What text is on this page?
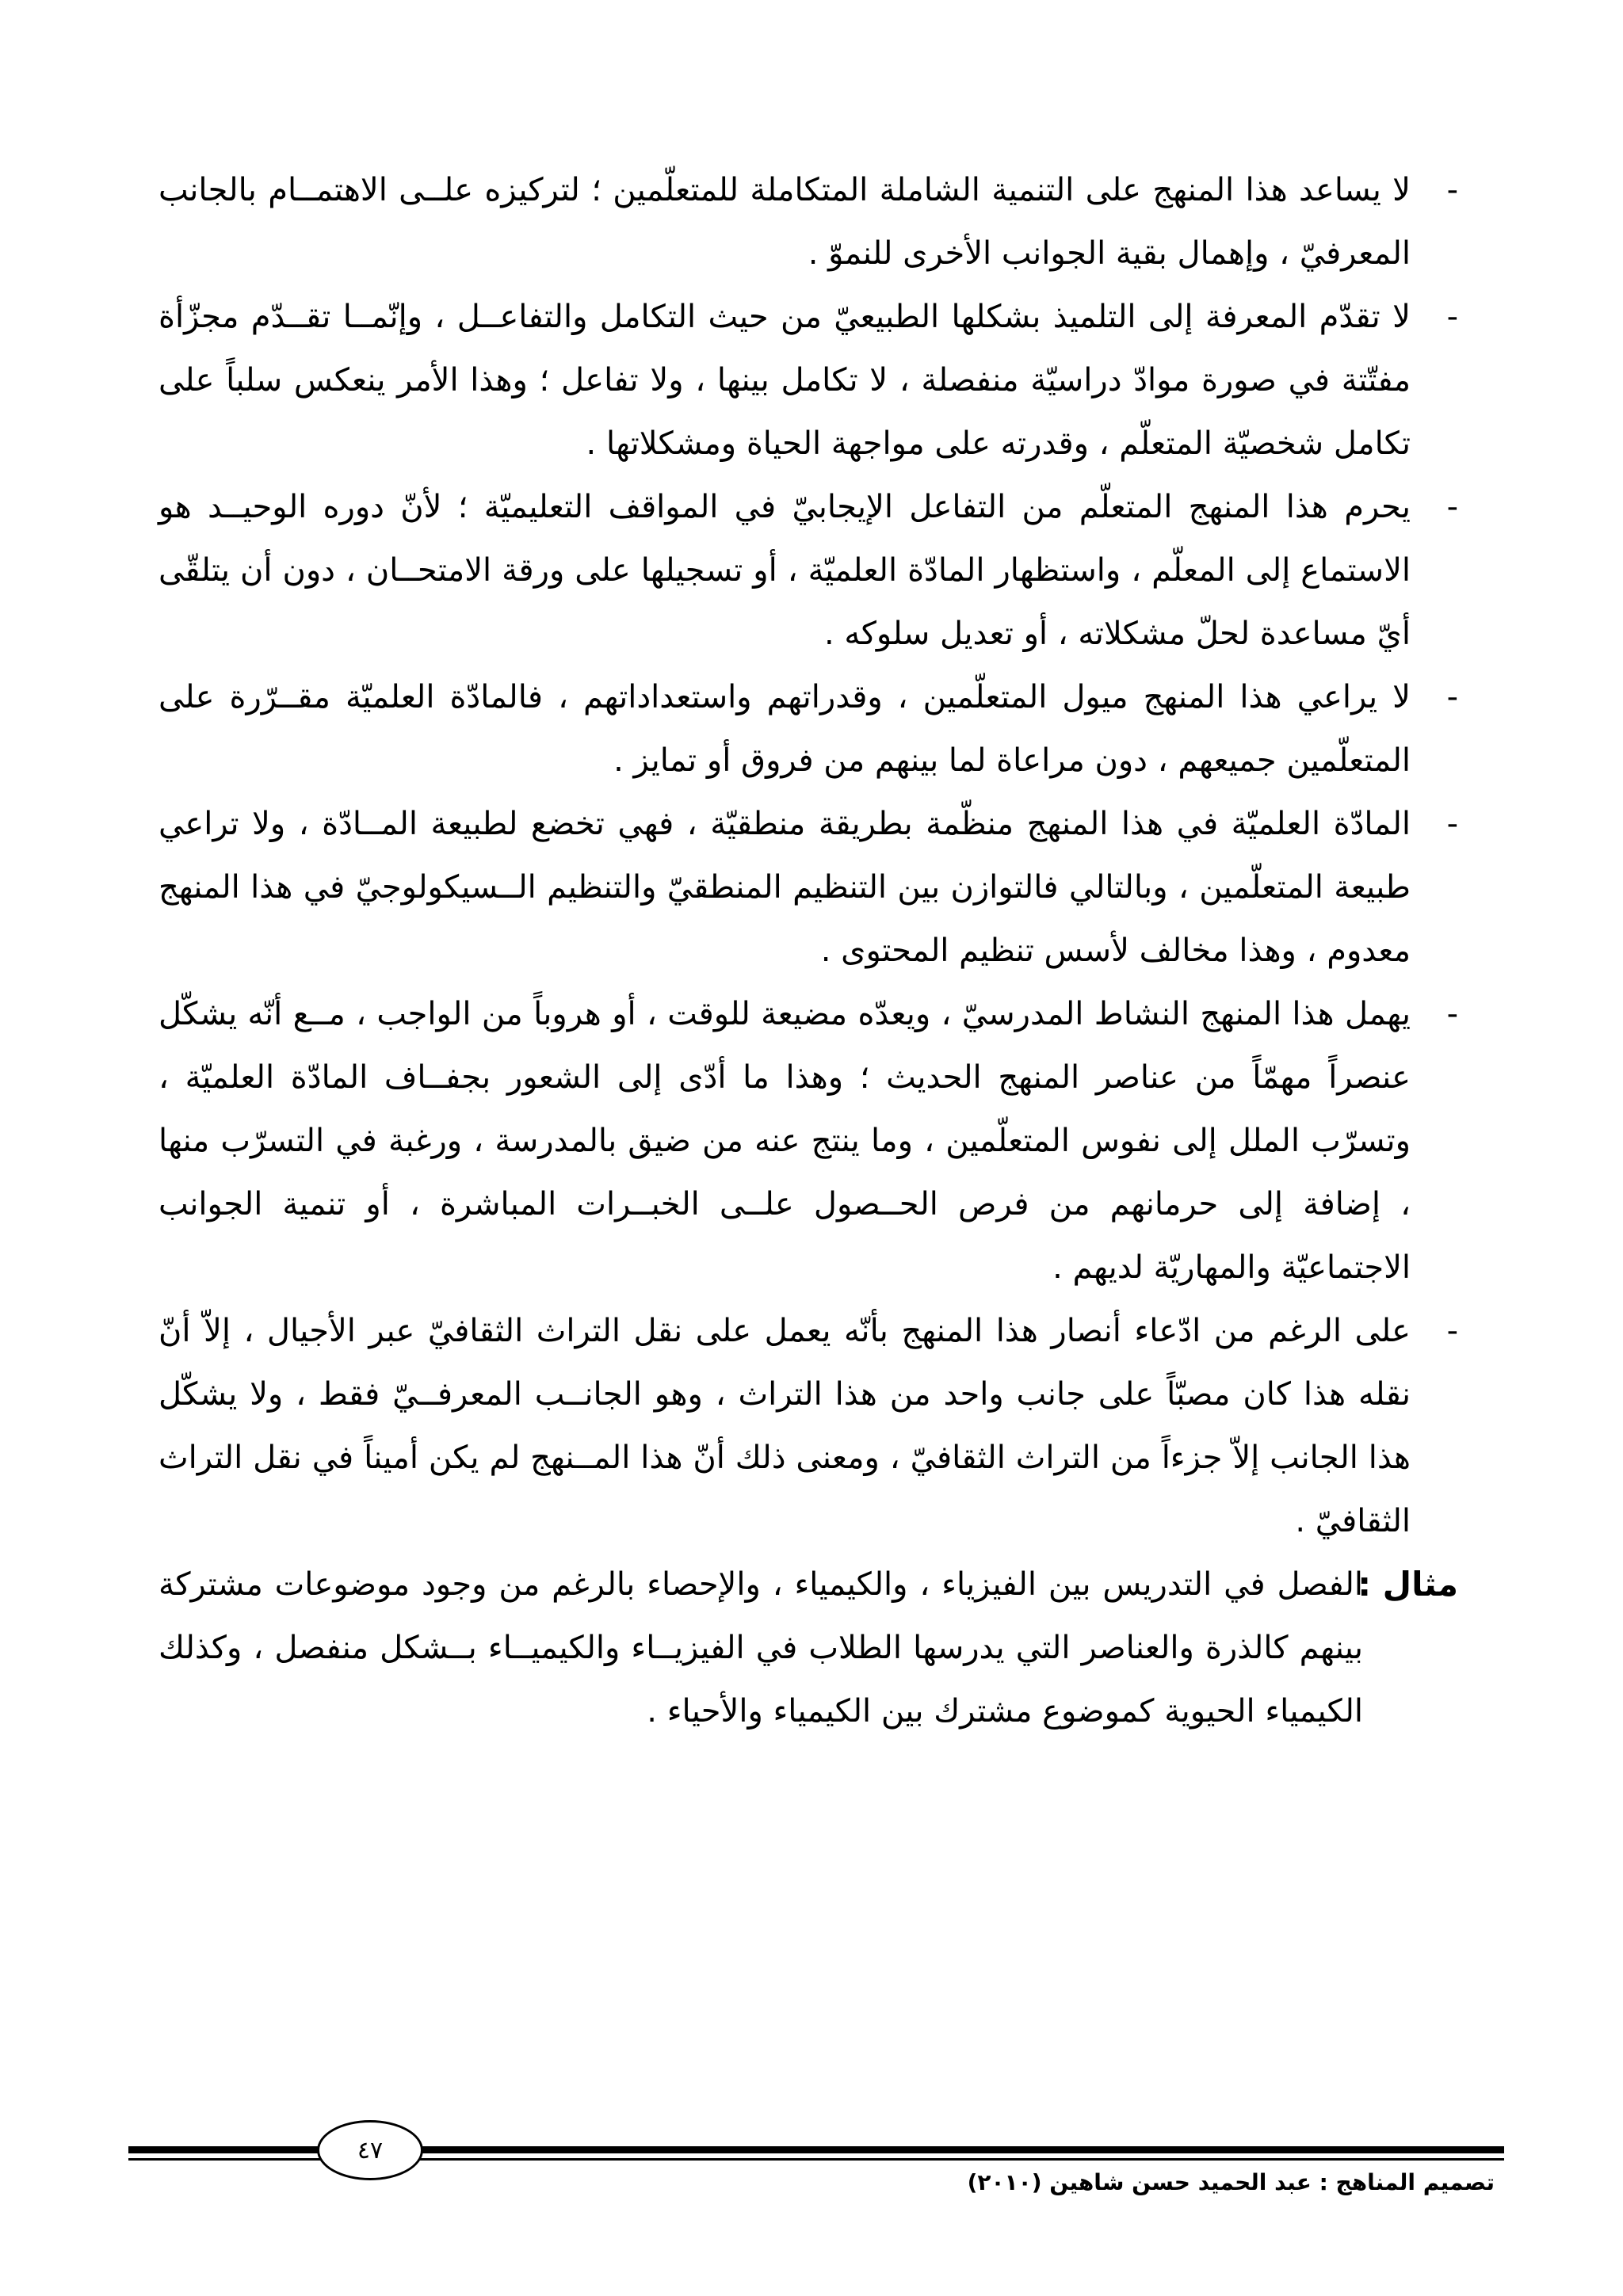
-
لا يساعد هذا المنهج على التنمية الشاملة المتكاملة للمتعلّمين ؛ لتركيزه علــى الاهتمــام بالجانب المعرفيّ ، وإهمال بقية الجوانب الأخرى للنموّ .

-
لا تقدّم المعرفة إلى التلميذ بشكلها الطبيعيّ من حيث التكامل والتفاعــل ، وإنّمــا تقــدّم مجزّأة مفتّتة في صورة موادّ دراسيّة منفصلة ، لا تكامل بينها ، ولا تفاعل ؛ وهذا الأمر ينعكس سلباً على تكامل شخصيّة المتعلّم ، وقدرته على مواجهة الحياة ومشكلاتها .

-
يحرم هذا المنهج المتعلّم من التفاعل الإيجابيّ في المواقف التعليميّة ؛ لأنّ دوره الوحيــد هو الاستماع إلى المعلّم ، واستظهار المادّة العلميّة ، أو تسجيلها على ورقة الامتحــان ، دون أن يتلقّى أيّ مساعدة لحلّ مشكلاته ، أو تعديل سلوكه .

-
لا يراعي هذا المنهج ميول المتعلّمين ، وقدراتهم واستعداداتهم ، فالمادّة العلميّة مقــرّرة على المتعلّمين جميعهم ، دون مراعاة لما بينهم من فروق أو تمايز .

-
المادّة العلميّة في هذا المنهج منظّمة بطريقة منطقيّة ، فهي تخضع لطبيعة المــادّة ، ولا تراعي طبيعة المتعلّمين ، وبالتالي فالتوازن بين التنظيم المنطقيّ والتنظيم الــسيكولوجيّ في هذا المنهج معدوم ، وهذا مخالف لأسس تنظيم المحتوى .

-
يهمل هذا المنهج النشاط المدرسيّ ، ويعدّه مضيعة للوقت ، أو هروباً من الواجب ، مــع أنّه يشكّل عنصراً مهمّاً من عناصر المنهج الحديث ؛ وهذا ما أدّى إلى الشعور بجفــاف المادّة العلميّة ، وتسرّب الملل إلى نفوس المتعلّمين ، وما ينتج عنه من ضيق بالمدرسة ، ورغبة في التسرّب منها ، إضافة إلى حرمانهم من فرص الحــصول علــى الخبــرات المباشرة ، أو تنمية الجوانب الاجتماعيّة والمهاريّة لديهم .

-
على الرغم من ادّعاء أنصار هذا المنهج بأنّه يعمل على نقل التراث الثقافيّ عبر الأجيال ، إلاّ أنّ نقله هذا كان مصبّاً على جانب واحد من هذا التراث ، وهو الجانــب المعرفــيّ فقط ، ولا يشكّل هذا الجانب إلاّ جزءاً من التراث الثقافيّ ، ومعنى ذلك أنّ هذا المــنهج لم يكن أميناً في نقل التراث الثقافيّ .

مثال :
الفصل في التدريس بين الفيزياء ، والكيمياء ، والإحصاء بالرغم من وجود موضوعات مشتركة بينهم كالذرة والعناصر التي يدرسها الطلاب في الفيزيــاء والكيميــاء بــشكل منفصل ، وكذلك الكيمياء الحيوية كموضوع مشترك بين الكيمياء والأحياء .

٤٧
تصميم المناهج : عبد الحميد حسن شاهين (٢٠١٠)
